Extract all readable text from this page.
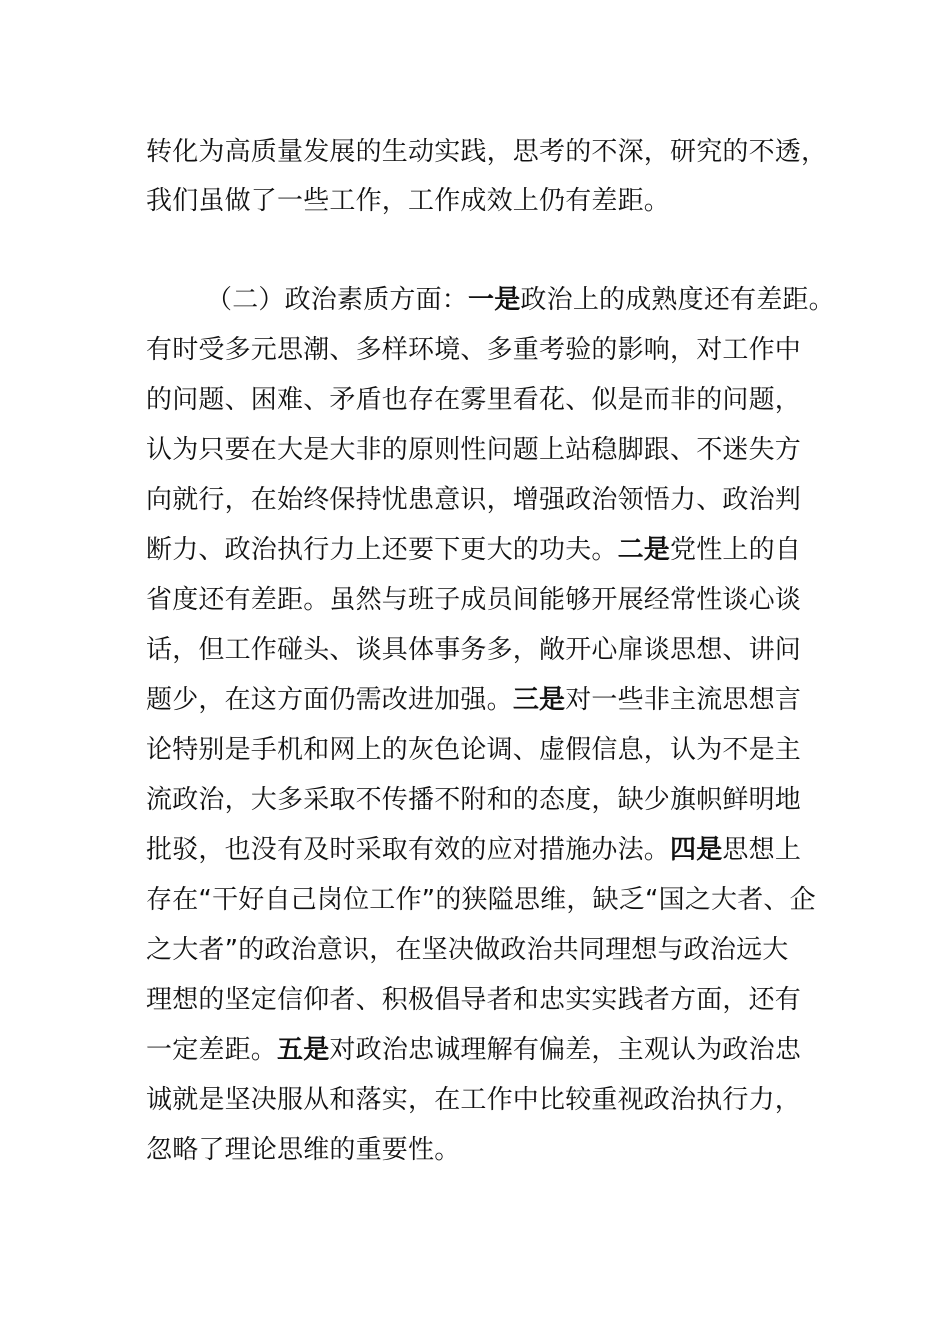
转化为高质量发展的生动实践，思考的不深，研究的不透，
我们虽做了一些工作，工作成效上仍有差距。
（二）政治素质方面：一是政治上的成熟度还有差距。
有时受多元思潮、多样环境、多重考验的影响，对工作中
的问题、困难、矛盾也存在雾里看花、似是而非的问题，
认为只要在大是大非的原则性问题上站稳脚跟、不迷失方
向就行，在始终保持忧患意识，增强政治领悟力、政治判
断力、政治执行力上还要下更大的功夫。二是党性上的自
省度还有差距。虽然与班子成员间能够开展经常性谈心谈
话，但工作碰头、谈具体事务多，敞开心扉谈思想、讲问
题少，在这方面仍需改进加强。三是对一些非主流思想言
论特别是手机和网上的灰色论调、虚假信息，认为不是主
流政治，大多采取不传播不附和的态度，缺少旗帜鲜明地
批驳，也没有及时采取有效的应对措施办法。四是思想上
存在“干好自己岗位工作”的狭隘思维，缺乏“国之大者、企
之大者”的政治意识，在坚决做政治共同理想与政治远大
理想的坚定信仰者、积极倡导者和忠实实践者方面，还有
一定差距。五是对政治忠诚理解有偏差，主观认为政治忠
诚就是坚决服从和落实，在工作中比较重视政治执行力，
忽略了理论思维的重要性。
